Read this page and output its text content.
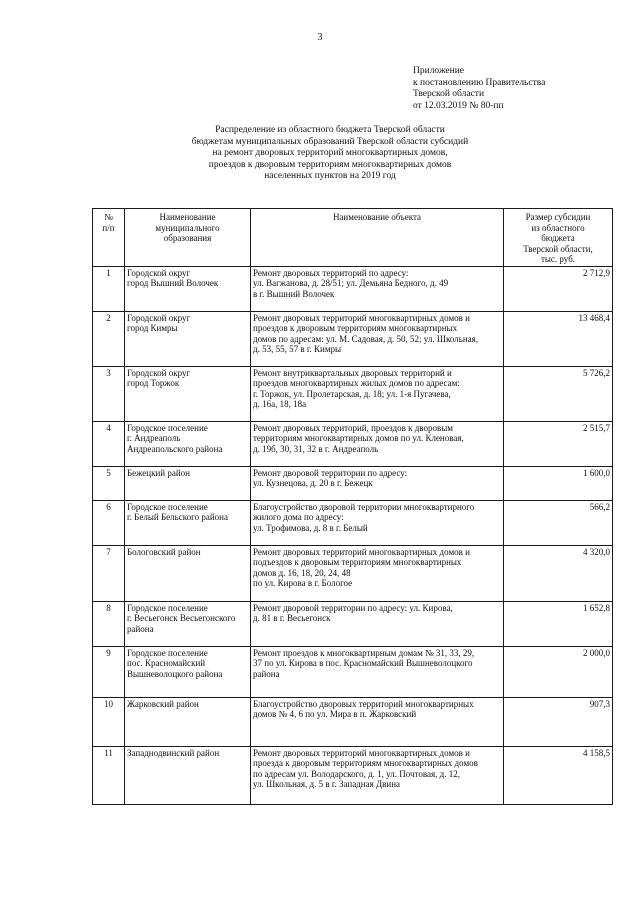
3
Приложение
к постановлению Правительства
Тверской области
от 12.03.2019 № 80-пп
Распределение из областного бюджета Тверской области
бюджетам муниципальных образований Тверской области субсидий
на ремонт дворовых территорий многоквартирных домов,
проездов к дворовым территориям многоквартирных домов
населенных пунктов на 2019 год
№
п/п	Наименование
муниципального
образования	Наименование объекта	Размер субсидии
из областного
бюджета
Тверской области,
тыс. руб.

1	Городской округ
город Вышний Волочек	Ремонт дворовых территорий по адресу:
ул. Вагжанова, д. 28/51; ул. Демьяна Бедного, д. 49
в г. Вышний Волочек	2 712,9
2	Городской округ
город Кимры	Ремонт дворовых территорий многоквартирных домов и
проездов к дворовым территориям многоквартирных
домов по адресам: ул. М. Садовая, д. 50, 52; ул. Школьная,
д. 53, 55, 57 в г. Кимры	13 468,4
3	Городской округ
город Торжок	Ремонт внутриквартальных дворовых территорий и
проездов многоквартирных жилых домов по адресам:
г. Торжок, ул. Пролетарская, д. 18; ул. 1-я Пугачева,
д. 16а, 18, 18а	5 726,2
4	Городское поселение
г. Андреаполь
Андреапольского района	Ремонт дворовых территорий, проездов к дворовым
территориям многоквартирных домов по ул. Кленовая,
д. 19б, 30, 31, 32 в г. Андреаполь	2 515,7
5	Бежецкий район	Ремонт дворовой территории по адресу:
ул. Кузнецова, д. 20 в г. Бежецк	1 600,0
6	Городское поселение
г. Белый Бельского района	Благоустройство дворовой территории многоквартирного
жилого дома по адресу:
ул. Трофимова, д. 8 в г. Белый	566,2
7	Бологовский район	Ремонт дворовых территорий многоквартирных домов и
подъездов к дворовым территориям многоквартирных
домов д. 16, 18, 20, 24, 48
по ул. Кирова в г. Бологое	4 320,0
8	Городское поселение
г. Весьегонск Весьегонского
района	Ремонт дворовой территории по адресу: ул. Кирова,
д. 81 в г. Весьегонск	1 652,8
9	Городское поселение
пос. Красномайский
Вышневолоцкого района	Ремонт проездов к многоквартирным домам № 31, 33, 29,
37 по ул. Кирова в пос. Красномайский Вышневолоцкого
района	2 000,0
10	Жарковский район	Благоустройство дворовых территорий многоквартирных
домов № 4, 6 по ул. Мира в п. Жарковский	907,3
11	Западнодвинский район	Ремонт дворовых территорий многоквартирных домов и
проезда к дворовым территориям многоквартирных домов
по адресам ул. Володарского, д. 1, ул. Почтовая, д. 12,
ул. Школьная, д. 5 в г. Западная Двина	4 158,5
